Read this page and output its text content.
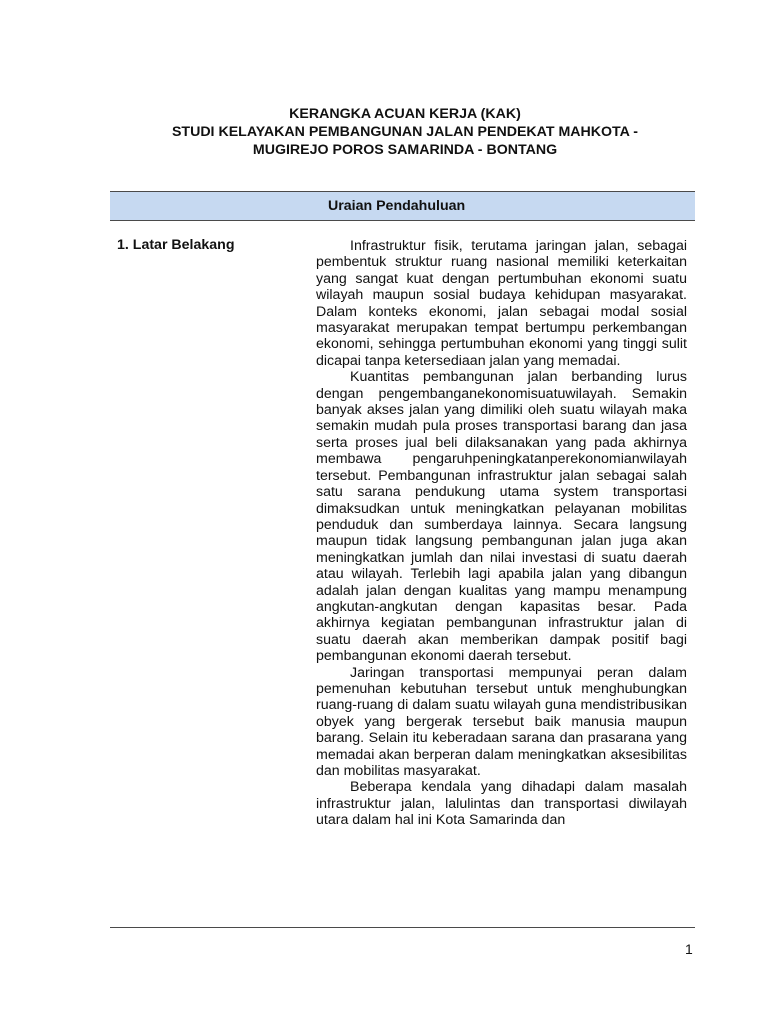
KERANGKA ACUAN KERJA (KAK)
STUDI KELAYAKAN PEMBANGUNAN JALAN PENDEKAT MAHKOTA -
MUGIREJO POROS SAMARINDA - BONTANG
Uraian Pendahuluan
1. Latar Belakang	Infrastruktur fisik, terutama jaringan jalan, sebagai pembentuk struktur ruang nasional memiliki keterkaitan yang sangat kuat dengan pertumbuhan ekonomi suatu wilayah maupun sosial budaya kehidupan masyarakat. Dalam konteks ekonomi, jalan sebagai modal sosial masyarakat merupakan tempat bertumpu perkembangan ekonomi, sehingga pertumbuhan ekonomi yang tinggi sulit dicapai tanpa ketersediaan jalan yang memadai.

Kuantitas pembangunan jalan berbanding lurus dengan pengembanganekonomisuatuwilayah. Semakin banyak akses jalan yang dimiliki oleh suatu wilayah maka semakin mudah pula proses transportasi barang dan jasa serta proses jual beli dilaksanakan yang pada akhirnya membawa pengaruhpeningkatanperekonomianwilayah tersebut. Pembangunan infrastruktur jalan sebagai salah satu sarana pendukung utama system transportasi dimaksudkan untuk meningkatkan pelayanan mobilitas penduduk dan sumberdaya lainnya. Secara langsung maupun tidak langsung pembangunan jalan juga akan meningkatkan jumlah dan nilai investasi di suatu daerah atau wilayah. Terlebih lagi apabila jalan yang dibangun adalah jalan dengan kualitas yang mampu menampung angkutan-angkutan dengan kapasitas besar. Pada akhirnya kegiatan pembangunan infrastruktur jalan di suatu daerah akan memberikan dampak positif bagi pembangunan ekonomi daerah tersebut.

Jaringan transportasi mempunyai peran dalam pemenuhan kebutuhan tersebut untuk menghubungkan ruang-ruang di dalam suatu wilayah guna mendistribusikan obyek yang bergerak tersebut baik manusia maupun barang. Selain itu keberadaan sarana dan prasarana yang memadai akan berperan dalam meningkatkan aksesibilitas dan mobilitas masyarakat.

Beberapa kendala yang dihadapi dalam masalah infrastruktur jalan, lalulintas dan transportasi diwilayah utara dalam hal ini Kota Samarinda dan

1
